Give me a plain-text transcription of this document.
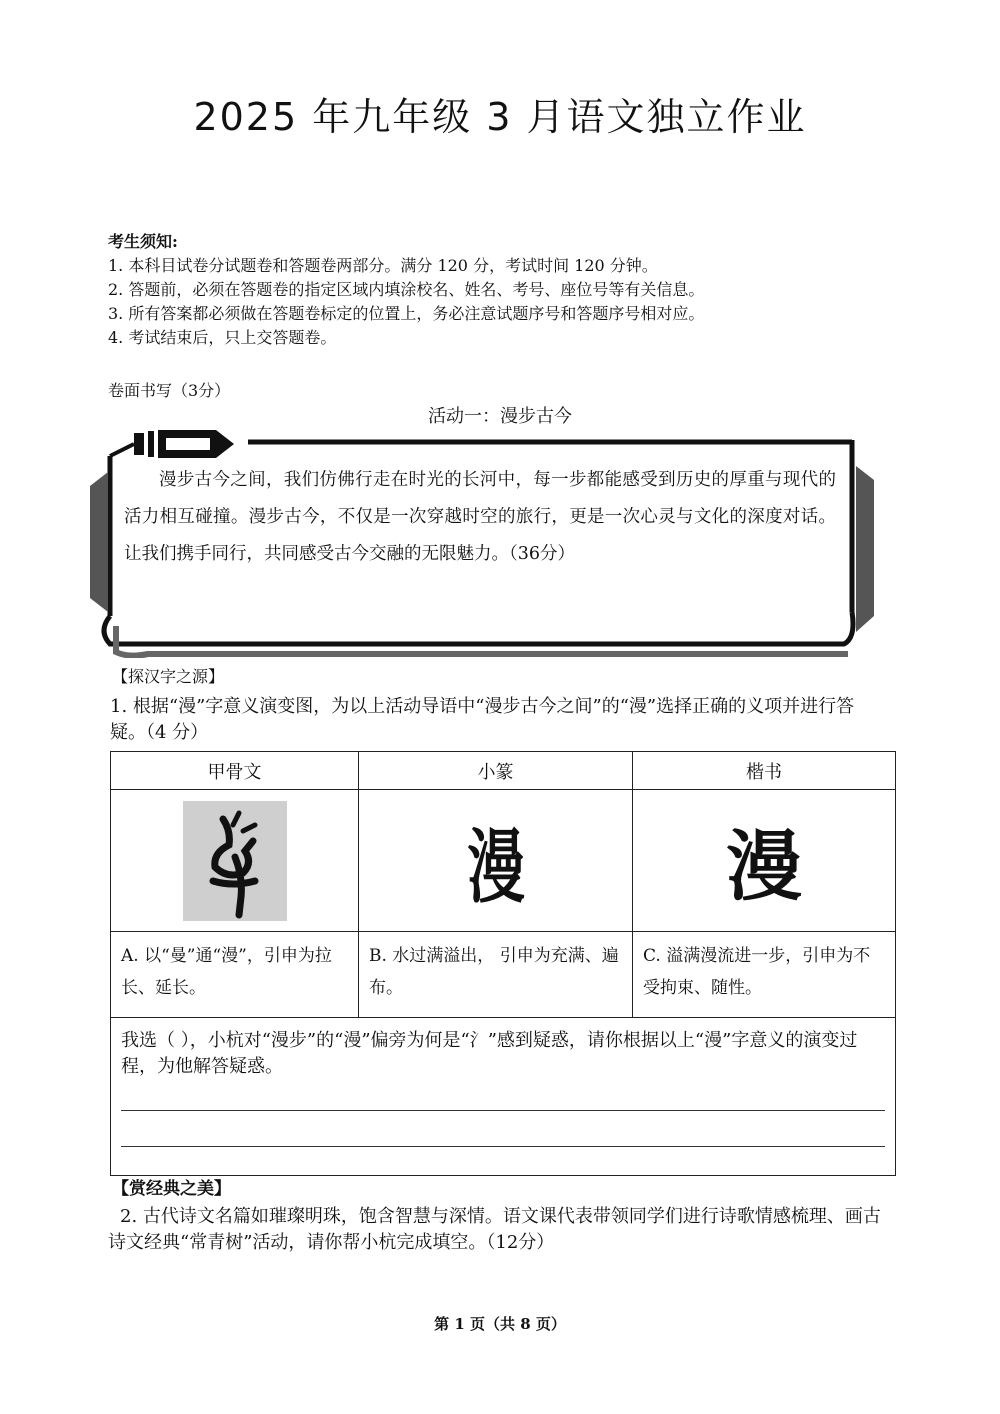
2025 年九年级 3 月语文独立作业
考生须知:
1. 本科目试卷分试题卷和答题卷两部分。满分 120 分，考试时间 120 分钟。
2. 答题前，必须在答题卷的指定区域内填涂校名、姓名、考号、座位号等有关信息。
3. 所有答案都必须做在答题卷标定的位置上，务必注意试题序号和答题序号相对应。
4. 考试结束后，只上交答题卷。
卷面书写（3分）
活动一：漫步古今
漫步古今之间，我们仿佛行走在时光的长河中，每一步都能感受到历史的厚重与现代的活力相互碰撞。漫步古今，不仅是一次穿越时空的旅行，更是一次心灵与文化的深度对话。让我们携手同行，共同感受古今交融的无限魅力。（36分）
【探汉字之源】
1. 根据“漫”字意义演变图，为以上活动导语中“漫步古今之间”的“漫”选择正确的义项并进行答疑。（4 分）
甲骨文	小篆	楷书
	漫	漫
A. 以“曼”通“漫”，引申为拉长、延长。	B. 水过满溢出， 引申为充满、遍布。	C. 溢满漫流进一步，引申为不受拘束、随性。

我选（ ），小杭对“漫步”的“漫”偏旁为何是“氵”感到疑惑，请你根据以上“漫”字意义的演变过程，为他解答疑惑。		
【赏经典之美】
2. 古代诗文名篇如璀璨明珠，饱含智慧与深情。语文课代表带领同学们进行诗歌情感梳理、画古诗文经典“常青树”活动，请你帮小杭完成填空。（12分）
第 1 页（共 8 页）
